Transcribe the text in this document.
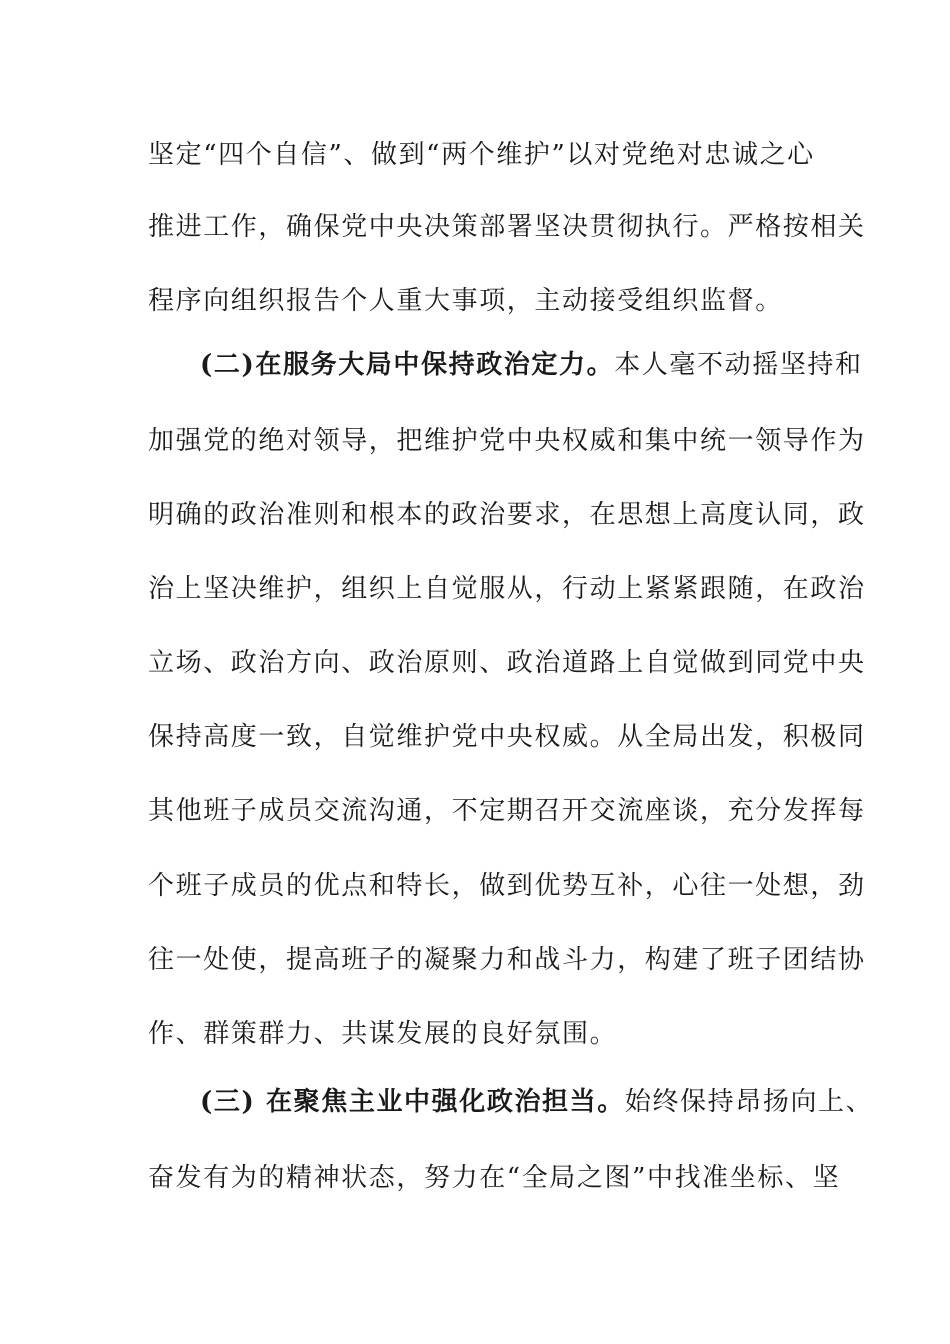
坚定“四个自信”、做到“两个维护”以对党绝对忠诚之心
推进工作，确保党中央决策部署坚决贯彻执行。严格按相关
程序向组织报告个人重大事项，主动接受组织监督。
(二)在服务大局中保持政治定力。本人毫不动摇坚持和
加强党的绝对领导，把维护党中央权威和集中统一领导作为
明确的政治准则和根本的政治要求，在思想上高度认同，政
治上坚决维护，组织上自觉服从，行动上紧紧跟随，在政治
立场、政治方向、政治原则、政治道路上自觉做到同党中央
保持高度一致，自觉维护党中央权威。从全局出发，积极同
其他班子成员交流沟通，不定期召开交流座谈，充分发挥每
个班子成员的优点和特长，做到优势互补，心往一处想，劲
往一处使，提高班子的凝聚力和战斗力，构建了班子团结协
作、群策群力、共谋发展的良好氛围。
(三) 在聚焦主业中强化政治担当。始终保持昂扬向上、
奋发有为的精神状态，努力在“全局之图”中找准坐标、坚
